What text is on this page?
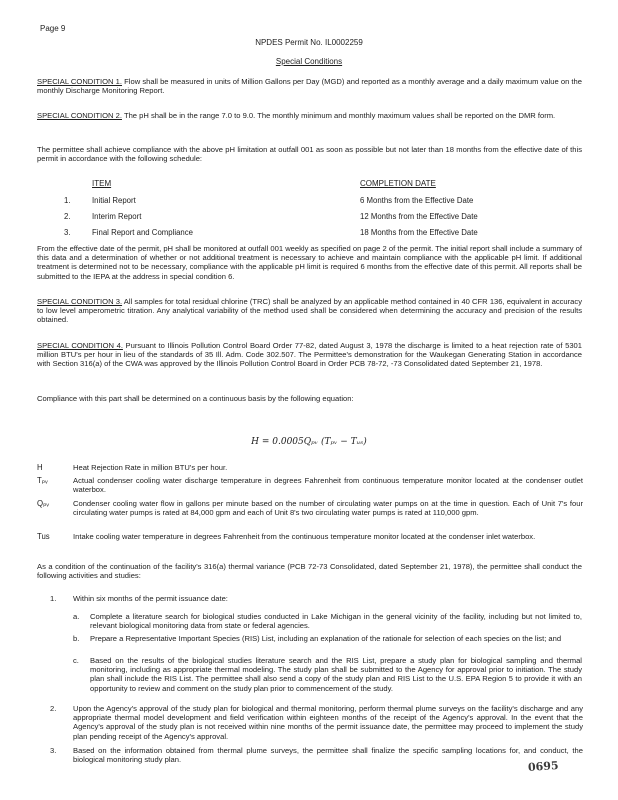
Page 9
NPDES Permit No. IL0002259
Special Conditions

SPECIAL CONDITION 1. Flow shall be measured in units of Million Gallons per Day (MGD) and reported as a monthly average and a daily maximum value on the monthly Discharge Monitoring Report.

SPECIAL CONDITION 2. The pH shall be in the range 7.0 to 9.0. The monthly minimum and monthly maximum values shall be reported on the DMR form.

The permittee shall achieve compliance with the above pH limitation at outfall 001 as soon as possible but not later than 18 months from the effective date of this permit in accordance with the following schedule:

ITEM	COMPLETION DATE
1.	Initial Report	6 Months from the Effective Date
2.	Interim Report	12 Months from the Effective Date
3.	Final Report and Compliance	18 Months from the Effective Date

From the effective date of the permit, pH shall be monitored at outfall 001 weekly as specified on page 2 of the permit. The initial report shall include a summary of this data and a determination of whether or not additional treatment is necessary to achieve and maintain compliance with the applicable pH limit. If additional treatment is determined not to be necessary, compliance with the applicable pH limit is required 6 months from the effective date of this permit. All reports shall be submitted to the IEPA at the address in special condition 6.

SPECIAL CONDITION 3. All samples for total residual chlorine (TRC) shall be analyzed by an applicable method contained in 40 CFR 136, equivalent in accuracy to low level amperometric titration. Any analytical variability of the method used shall be considered when determining the accuracy and precision of the results obtained.

SPECIAL CONDITION 4. Pursuant to Illinois Pollution Control Board Order 77-82, dated August 3, 1978 the discharge is limited to a heat rejection rate of 5301 million BTU's per hour in lieu of the standards of 35 Ill. Adm. Code 302.507. The Permittee's demonstration for the Waukegan Generating Station in accordance with Section 316(a) of the CWA was approved by the Illinois Pollution Control Board in Order PCB 78-72, -73 Consolidated dated September 21, 1978.

Compliance with this part shall be determined on a continuous basis by the following equation:

H = 0.0005Qₚᵥ (Tₚᵥ − Tᵤₛ)
H	Heat Rejection Rate in million BTU's per hour.

Tₚᵥ	Actual condenser cooling water discharge temperature in degrees Fahrenheit from continuous temperature monitor located at the condenser outlet waterbox.

Qₚᵥ	Condenser cooling water flow in gallons per minute based on the number of circulating water pumps on at the time in question. Each of Unit 7's four circulating water pumps is rated at 84,000 gpm and each of Unit 8's two circulating water pumps is rated at 110,000 gpm.

Tus	Intake cooling water temperature in degrees Fahrenheit from the continuous temperature monitor located at the condenser inlet waterbox.

As a condition of the continuation of the facility's 316(a) thermal variance (PCB 72-73 Consolidated, dated September 21, 1978), the permittee shall conduct the following activities and studies:

1.	Within six months of the permit issuance date:

a.	Complete a literature search for biological studies conducted in Lake Michigan in the general vicinity of the facility, including but not limited to, relevant biological monitoring data from state or federal agencies.

b.	Prepare a Representative Important Species (RIS) List, including an explanation of the rationale for selection of each species on the list; and

c.	Based on the results of the biological studies literature search and the RIS List, prepare a study plan for biological sampling and thermal monitoring, including as appropriate thermal modeling. The study plan shall be submitted to the Agency for approval prior to initiation. The study plan shall include the RIS List. The permittee shall also send a copy of the study plan and RIS List to the U.S. EPA Region 5 to provide it with an opportunity to review and comment on the study plan prior to commencement of the study.

2.	Upon the Agency's approval of the study plan for biological and thermal monitoring, perform thermal plume surveys on the facility's discharge and any appropriate thermal model development and field verification within eighteen months of the receipt of the Agency's approval. In the event that the Agency's approval of the study plan is not received within nine months of the permit issuance date, the permittee may proceed to implement the study plan pending receipt of the Agency's approval.

3.	Based on the information obtained from thermal plume surveys, the permittee shall finalize the specific sampling locations for, and conduct, the biological monitoring study plan.	0695
